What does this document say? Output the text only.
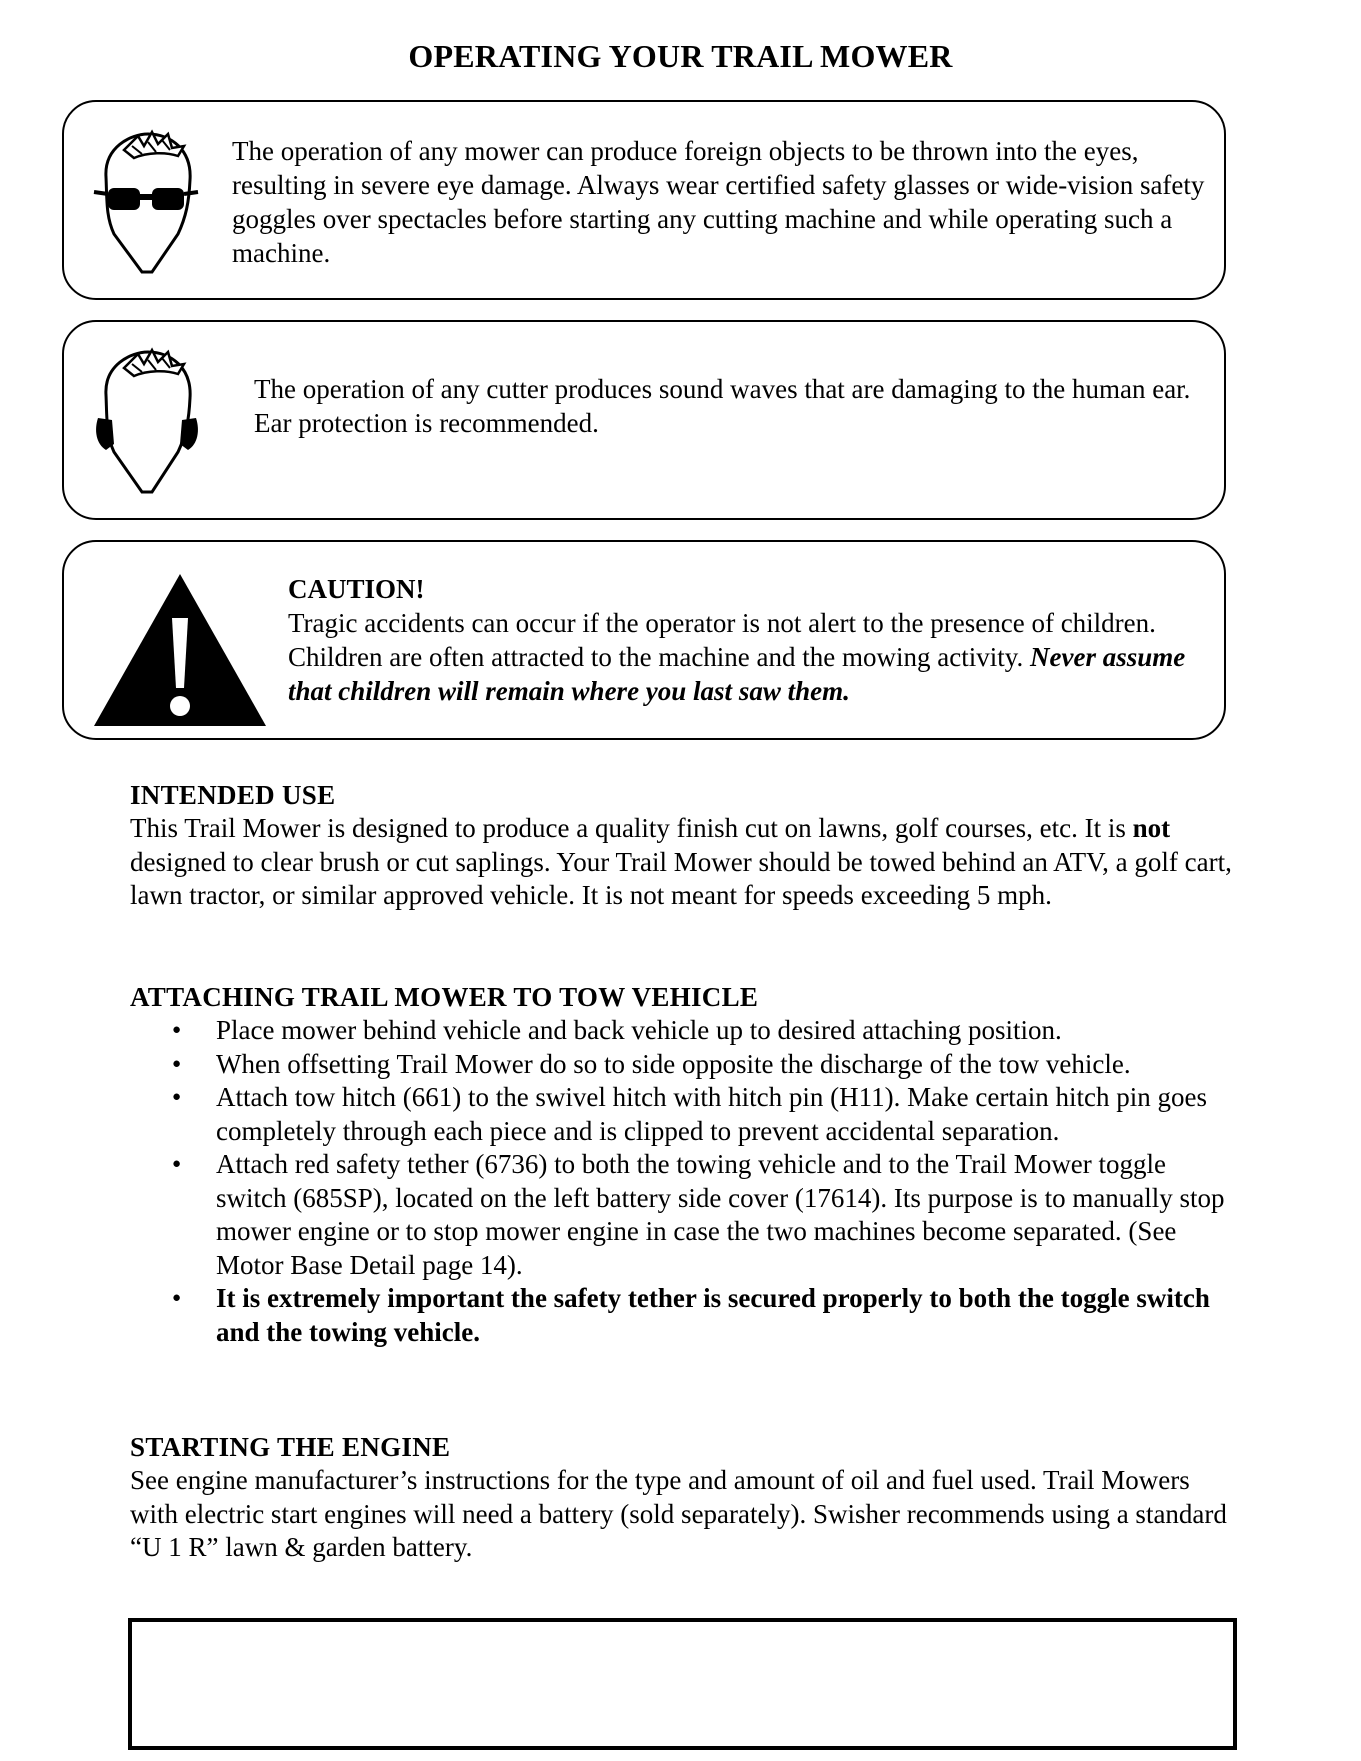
OPERATING YOUR TRAIL MOWER

The operation of any mower can produce foreign objects to be thrown into the eyes, resulting in severe eye damage. Always wear certified safety glasses or wide-vision safety goggles over spectacles before starting any cutting machine and while operating such a machine.

The operation of any cutter produces sound waves that are damaging to the human ear. Ear protection is recommended.

CAUTION!

Tragic accidents can occur if the operator is not alert to the presence of children. Children are often attracted to the machine and the mowing activity. Never assume that children will remain where you last saw them.

INTENDED USE

This Trail Mower is designed to produce a quality finish cut on lawns, golf courses, etc. It is not designed to clear brush or cut saplings. Your Trail Mower should be towed behind an ATV, a golf cart, lawn tractor, or similar approved vehicle. It is not meant for speeds exceeding 5 mph.

ATTACHING TRAIL MOWER TO TOW VEHICLE
● Place mower behind vehicle and back vehicle up to desired attaching position.
● When offsetting Trail Mower do so to side opposite the discharge of the tow vehicle.
● Attach tow hitch (661) to the swivel hitch with hitch pin (H11). Make certain hitch pin goes completely through each piece and is clipped to prevent accidental separation.
● Attach red safety tether (6736) to both the towing vehicle and to the Trail Mower toggle switch (685SP), located on the left battery side cover (17614). Its purpose is to manually stop mower engine or to stop mower engine in case the two machines become separated. (See Motor Base Detail page 14).
● It is extremely important the safety tether is secured properly to both the toggle switch and the towing vehicle.
STARTING THE ENGINE

See engine manufacturer’s instructions for the type and amount of oil and fuel used. Trail Mowers with electric start engines will need a battery (sold separately). Swisher recommends using a standard “U 1 R” lawn & garden battery.
